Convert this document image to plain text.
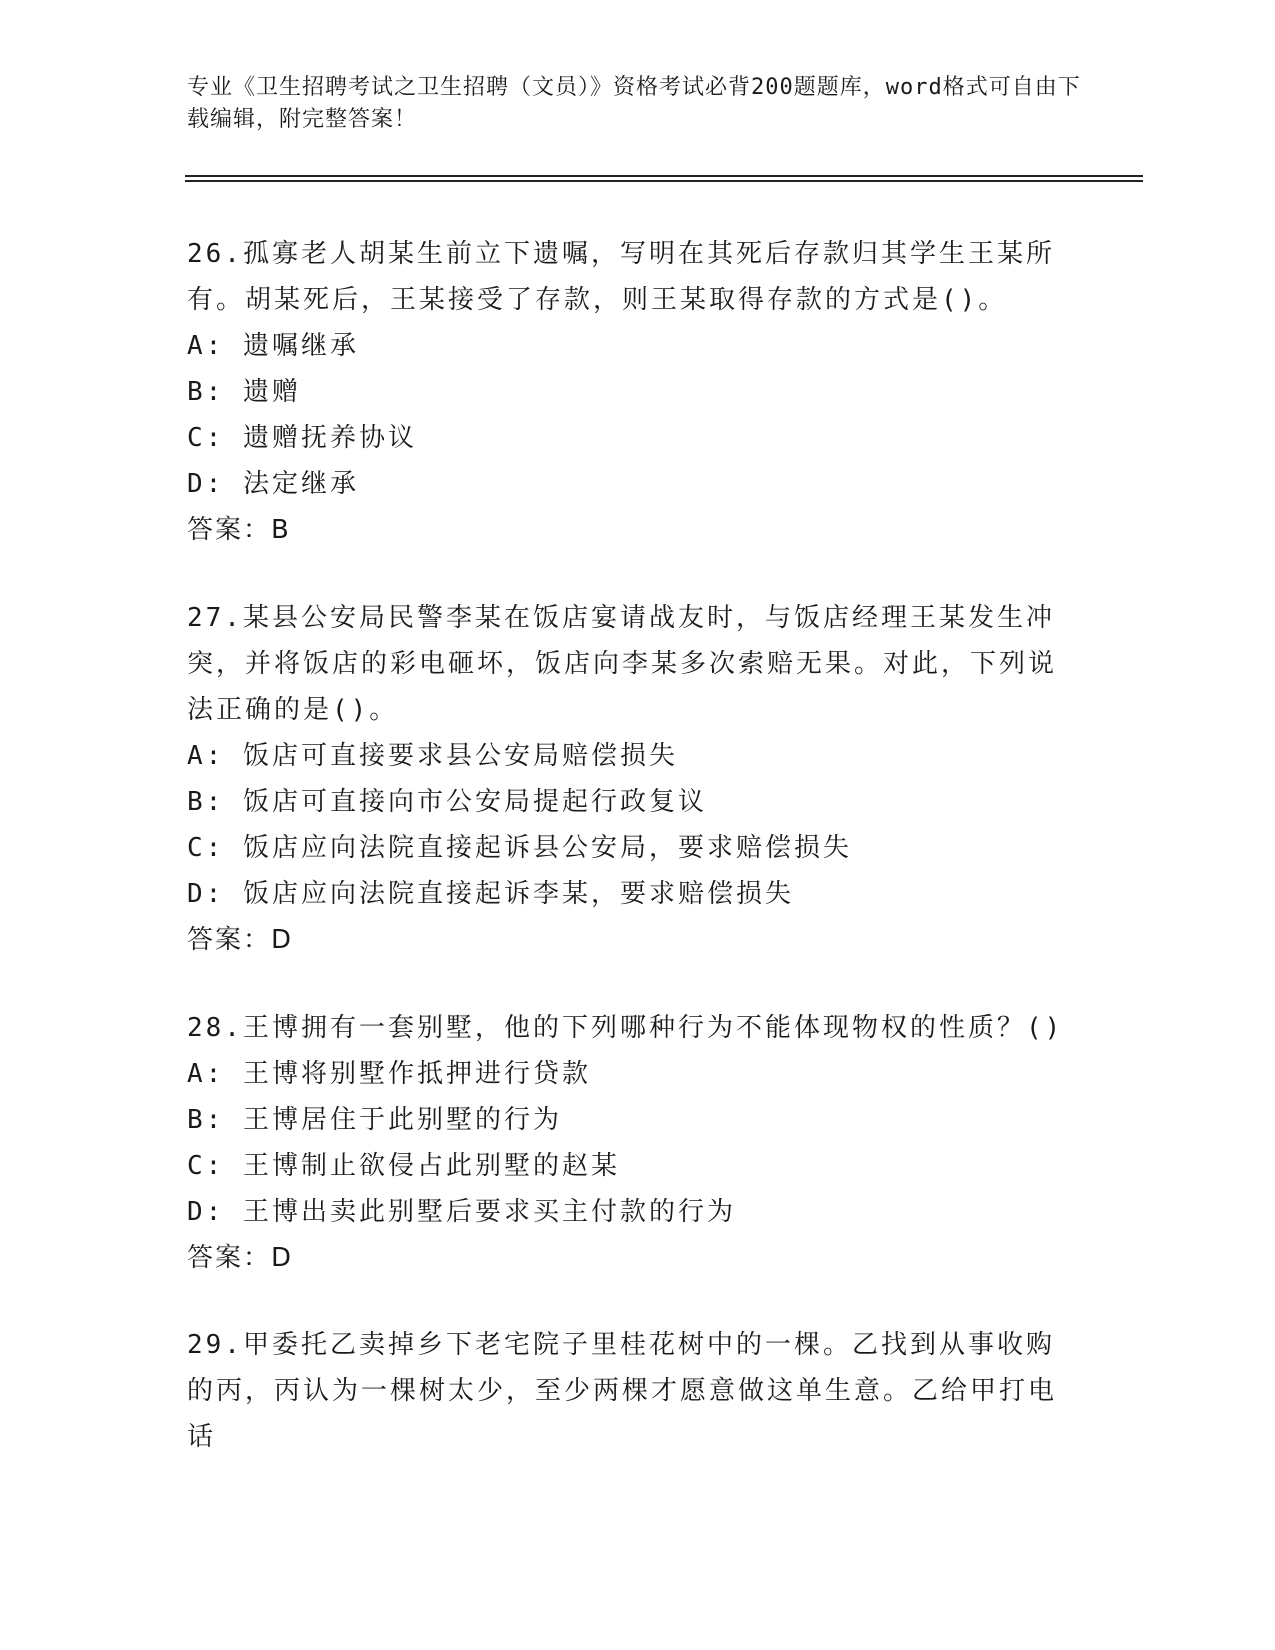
专业《卫生招聘考试之卫生招聘（文员）》资格考试必背200题题库，word格式可自由下载编辑，附完整答案！
26.孤寡老人胡某生前立下遗嘱，写明在其死后存款归其学生王某所有。胡某死后，王某接受了存款，则王某取得存款的方式是()。
A: 遗嘱继承
B: 遗赠
C: 遗赠抚养协议
D: 法定继承
答案：B
27.某县公安局民警李某在饭店宴请战友时，与饭店经理王某发生冲突，并将饭店的彩电砸坏，饭店向李某多次索赔无果。对此，下列说法正确的是()。
A: 饭店可直接要求县公安局赔偿损失
B: 饭店可直接向市公安局提起行政复议
C: 饭店应向法院直接起诉县公安局，要求赔偿损失
D: 饭店应向法院直接起诉李某，要求赔偿损失
答案：D
28.王博拥有一套别墅，他的下列哪种行为不能体现物权的性质？()
A: 王博将别墅作抵押进行贷款
B: 王博居住于此别墅的行为
C: 王博制止欲侵占此别墅的赵某
D: 王博出卖此别墅后要求买主付款的行为
答案：D
29.甲委托乙卖掉乡下老宅院子里桂花树中的一棵。乙找到从事收购的丙，丙认为一棵树太少，至少两棵才愿意做这单生意。乙给甲打电话
